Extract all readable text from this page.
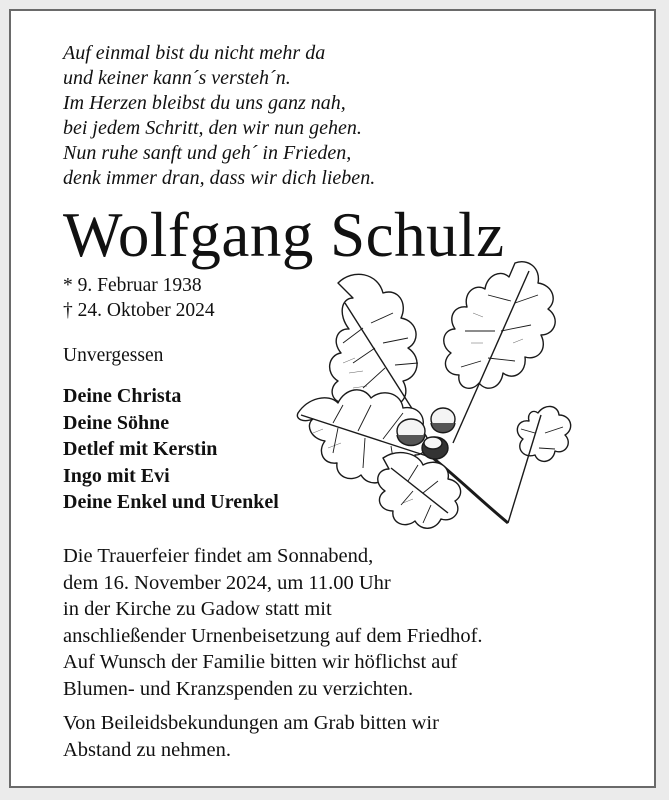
Auf einmal bist du nicht mehr da
und keiner kann´s versteh´n.
Im Herzen bleibst du uns ganz nah,
bei jedem Schritt, den wir nun gehen.
Nun ruhe sanft und geh´ in Frieden,
denk immer dran, dass wir dich lieben.
Wolfgang Schulz
* 9. Februar 1938
† 24. Oktober 2024
Unvergessen
Deine Christa
Deine Söhne
Detlef mit Kerstin
Ingo mit Evi
Deine Enkel und Urenkel
Die Trauerfeier findet am Sonnabend,
dem 16. November 2024, um 11.00 Uhr
in der Kirche zu Gadow statt mit
anschließender Urnenbeisetzung auf dem Friedhof.
Auf Wunsch der Familie bitten wir höflichst auf
Blumen- und Kranzspenden zu verzichten.
Von Beileidsbekundungen am Grab bitten wir
Abstand zu nehmen.
